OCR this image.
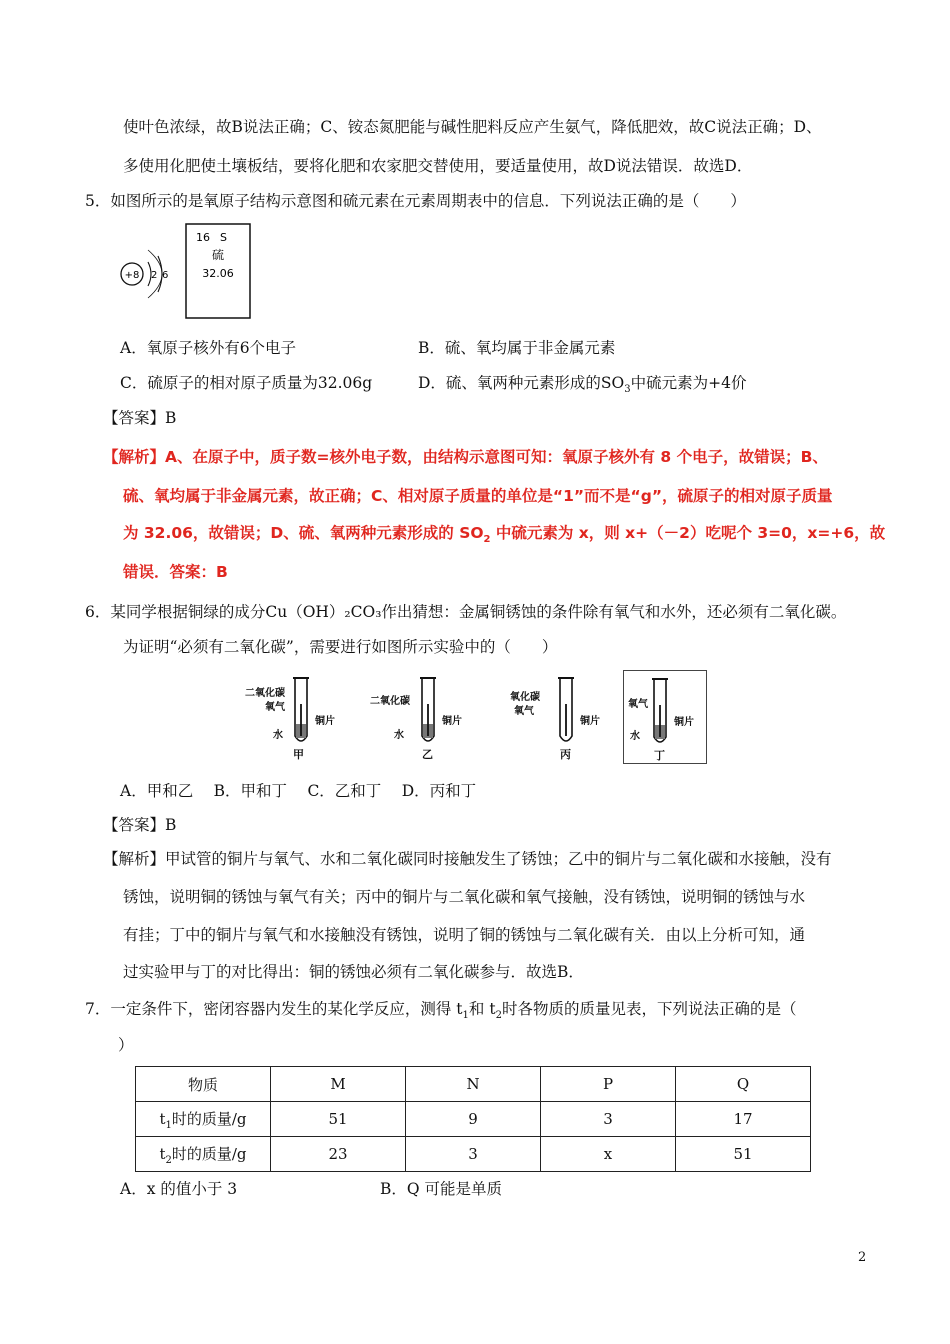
使叶色浓绿，故B说法正确；C、铵态氮肥能与碱性肥料反应产生氨气，降低肥效，故C说法正确；D、
多使用化肥使土壤板结，要将化肥和农家肥交替使用，要适量使用，故D说法错误．故选D．
5．如图所示的是氧原子结构示意图和硫元素在元素周期表中的信息．下列说法正确的是（　　）
+8 2 6
16 S
硫
32.06
A．氧原子核外有6个电子	B．硫、氧均属于非金属元素
C．硫原子的相对原子质量为32.06g	D．硫、氧两种元素形成的$SO_3$中硫元素为+4价
【答案】B
【解析】A、在原子中，质子数=核外电子数，由结构示意图可知：氧原子核外有 8 个电子，故错误；B、
硫、氧均属于非金属元素，故正确；C、相对原子质量的单位是“1”而不是“g”，硫原子的相对原子质量
为 32.06，故错误；D、硫、氧两种元素形成的 $SO_2$ 中硫元素为 x，则 x+（－2）吃呢个 3=0，x=+6，故
错误．答案：B
6．某同学根据铜绿的成分Cu（OH）₂CO₃作出猜想：金属铜锈蚀的条件除有氧气和水外，还必须有二氧化碳。
为证明“必须有二氧化碳”，需要进行如图所示实验中的（　　）
二氧化碳
氧气
水
铜片
甲
二氧化碳
水
铜片
乙
氧化碳
氧气
铜片
丙
氧气
水
铜片
丁
A．甲和乙　 B．甲和丁　 C．乙和丁　 D．丙和丁
【答案】B
【解析】甲试管的铜片与氧气、水和二氧化碳同时接触发生了锈蚀；乙中的铜片与二氧化碳和水接触，没有
锈蚀，说明铜的锈蚀与氧气有关；丙中的铜片与二氧化碳和氧气接触，没有锈蚀，说明铜的锈蚀与水
有挂；丁中的铜片与氧气和水接触没有锈蚀，说明了铜的锈蚀与二氧化碳有关．由以上分析可知，通
过实验甲与丁的对比得出：铜的锈蚀必须有二氧化碳参与．故选B．
7．一定条件下，密闭容器内发生的某化学反应，测得 $t_1$和 $t_2$时各物质的质量见表，下列说法正确的是（
）
物质	M	N	P	Q
$t_1$时的质量/g	51	9	3	17
$t_2$时的质量/g	23	3	x	51
A．x 的值小于 3	B．Q 可能是单质
2
